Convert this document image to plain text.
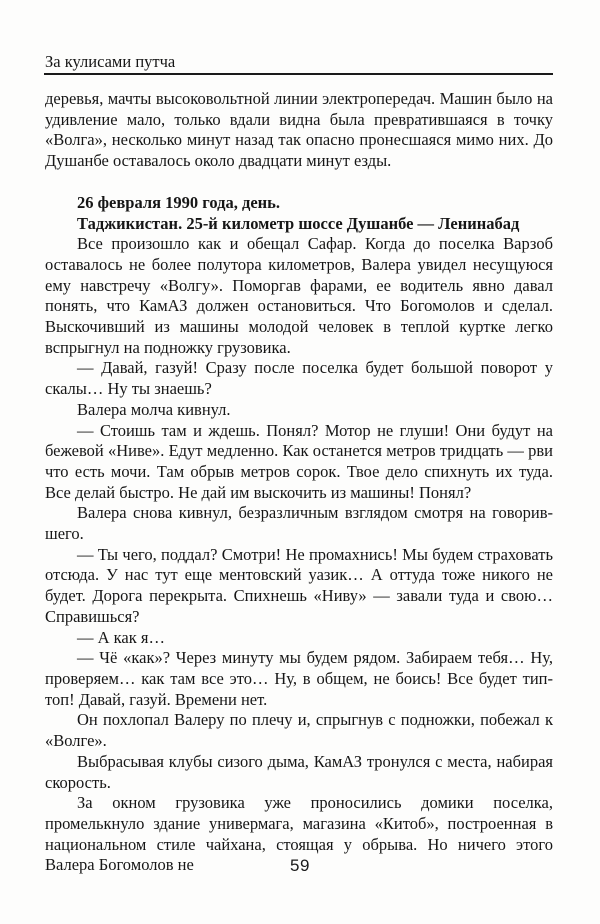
За кулисами путча

деревья, мачты высоковольтной линии электропередач. Машин было на удивление мало, только вдали видна была превратившаяся в точку «Волга», несколько минут назад так опасно пронесшаяся мимо них. До Душанбе оставалось около двадцати минут езды.

26 февраля 1990 года, день.

Таджикистан. 25-й километр шоссе Душанбе — Ленинабад

Все произошло как и обещал Сафар. Когда до поселка Варзоб оставалось не более полутора километров, Валера увидел несущуюся ему навстречу «Волгу». Поморгав фарами, ее водитель явно давал понять, что КамАЗ должен остановиться. Что Богомолов и сделал. Выскочивший из машины молодой человек в теплой куртке легко вспрыгнул на подножку грузовика.

— Давай, газуй! Сразу после поселка будет большой поворот у скалы… Ну ты знаешь?

Валера молча кивнул.

— Стоишь там и ждешь. Понял? Мотор не глуши! Они будут на бежевой «Ниве». Едут медленно. Как останется метров тридцать — рви что есть мочи. Там обрыв метров сорок. Твое дело спихнуть их туда. Все делай быстро. Не дай им выскочить из машины! Понял?

Валера снова кивнул, безразличным взглядом смотря на говорившего.

— Ты чего, поддал? Смотри! Не промахнись! Мы будем страховать отсюда. У нас тут еще ментовский уазик… А оттуда тоже никого не будет. Дорога перекрыта. Спихнешь «Ниву» — завали туда и свою… Справишься?

— А как я…

— Чё «как»? Через минуту мы будем рядом. Забираем тебя… Ну, проверяем… как там все это… Ну, в общем, не боись! Все будет тип-топ! Давай, газуй. Времени нет.

Он похлопал Валеру по плечу и, спрыгнув с подножки, побежал к «Волге».

Выбрасывая клубы сизого дыма, КамАЗ тронулся с места, набирая скорость.

За окном грузовика уже проносились домики поселка, промелькнуло здание универмага, магазина «Китоб», построенная в национальном стиле чайхана, стоящая у обрыва. Но ничего этого Валера Богомолов не	59
